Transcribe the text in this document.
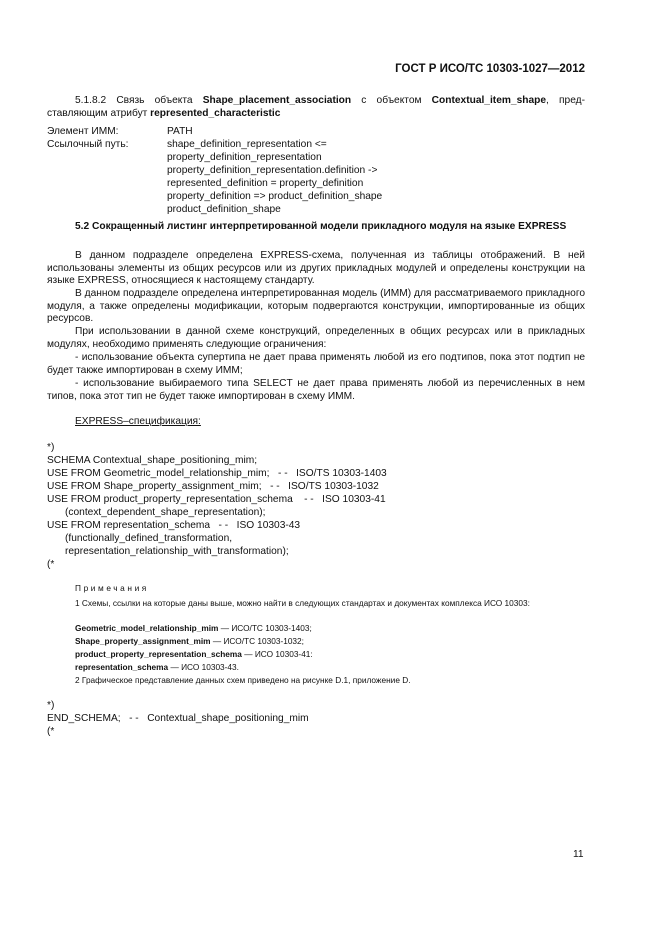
ГОСТ Р ИСО/ТС 10303-1027—2012
5.1.8.2 Связь объекта Shape_placement_association с объектом Contextual_item_shape, пред-ставляющим атрибут represented_characteristic
Элемент ИММ:	PATH
Ссылочный путь:	shape_definition_representation <=
property_definition_representation
property_definition_representation.definition ->
represented_definition = property_definition
property_definition => product_definition_shape
product_definition_shape
5.2 Сокращенный листинг интерпретированной модели прикладного модуля на языке EXPRESS
В данном подразделе определена EXPRESS-схема, полученная из таблицы отображений. В ней использованы элементы из общих ресурсов или из других прикладных модулей и определены конструкции на языке EXPRESS, относящиеся к настоящему стандарту.
В данном подразделе определена интерпретированная модель (ИММ) для рассматриваемого прикладного модуля, а также определены модификации, которым подвергаются конструкции, импортированные из общих ресурсов.
При использовании в данной схеме конструкций, определенных в общих ресурсах или в прикладных модулях, необходимо применять следующие ограничения:
- использование объекта супертипа не дает права применять любой из его подтипов, пока этот подтип не будет также импортирован в схему ИММ;
- использование выбираемого типа SELECT не дает права применять любой из перечисленных в нем типов, пока этот тип не будет также импортирован в схему ИММ.
EXPRESS–спецификация:
*)
SCHEMA Contextual_shape_positioning_mim;
USE FROM Geometric_model_relationship_mim;   - -   ISO/TS 10303-1403
USE FROM Shape_property_assignment_mim;   - -   ISO/TS 10303-1032
USE FROM product_property_representation_schema    - -   ISO 10303-41
(context_dependent_shape_representation);
USE FROM representation_schema   - -   ISO 10303-43
(functionally_defined_transformation,
representation_relationship_with_transformation);
(*
Примечания
1 Схемы, ссылки на которые даны выше, можно найти в следующих стандартах и документах комплекса ИСО 10303:
Geometric_model_relationship_mim — ИСО/ТС 10303-1403;
Shape_property_assignment_mim — ИСО/ТС 10303-1032;
product_property_representation_schema — ИСО 10303-41:
representation_schema — ИСО 10303-43.
2 Графическое представление данных схем приведено на рисунке D.1, приложение D.
*)
END_SCHEMA;   - -   Contextual_shape_positioning_mim
(*
11
